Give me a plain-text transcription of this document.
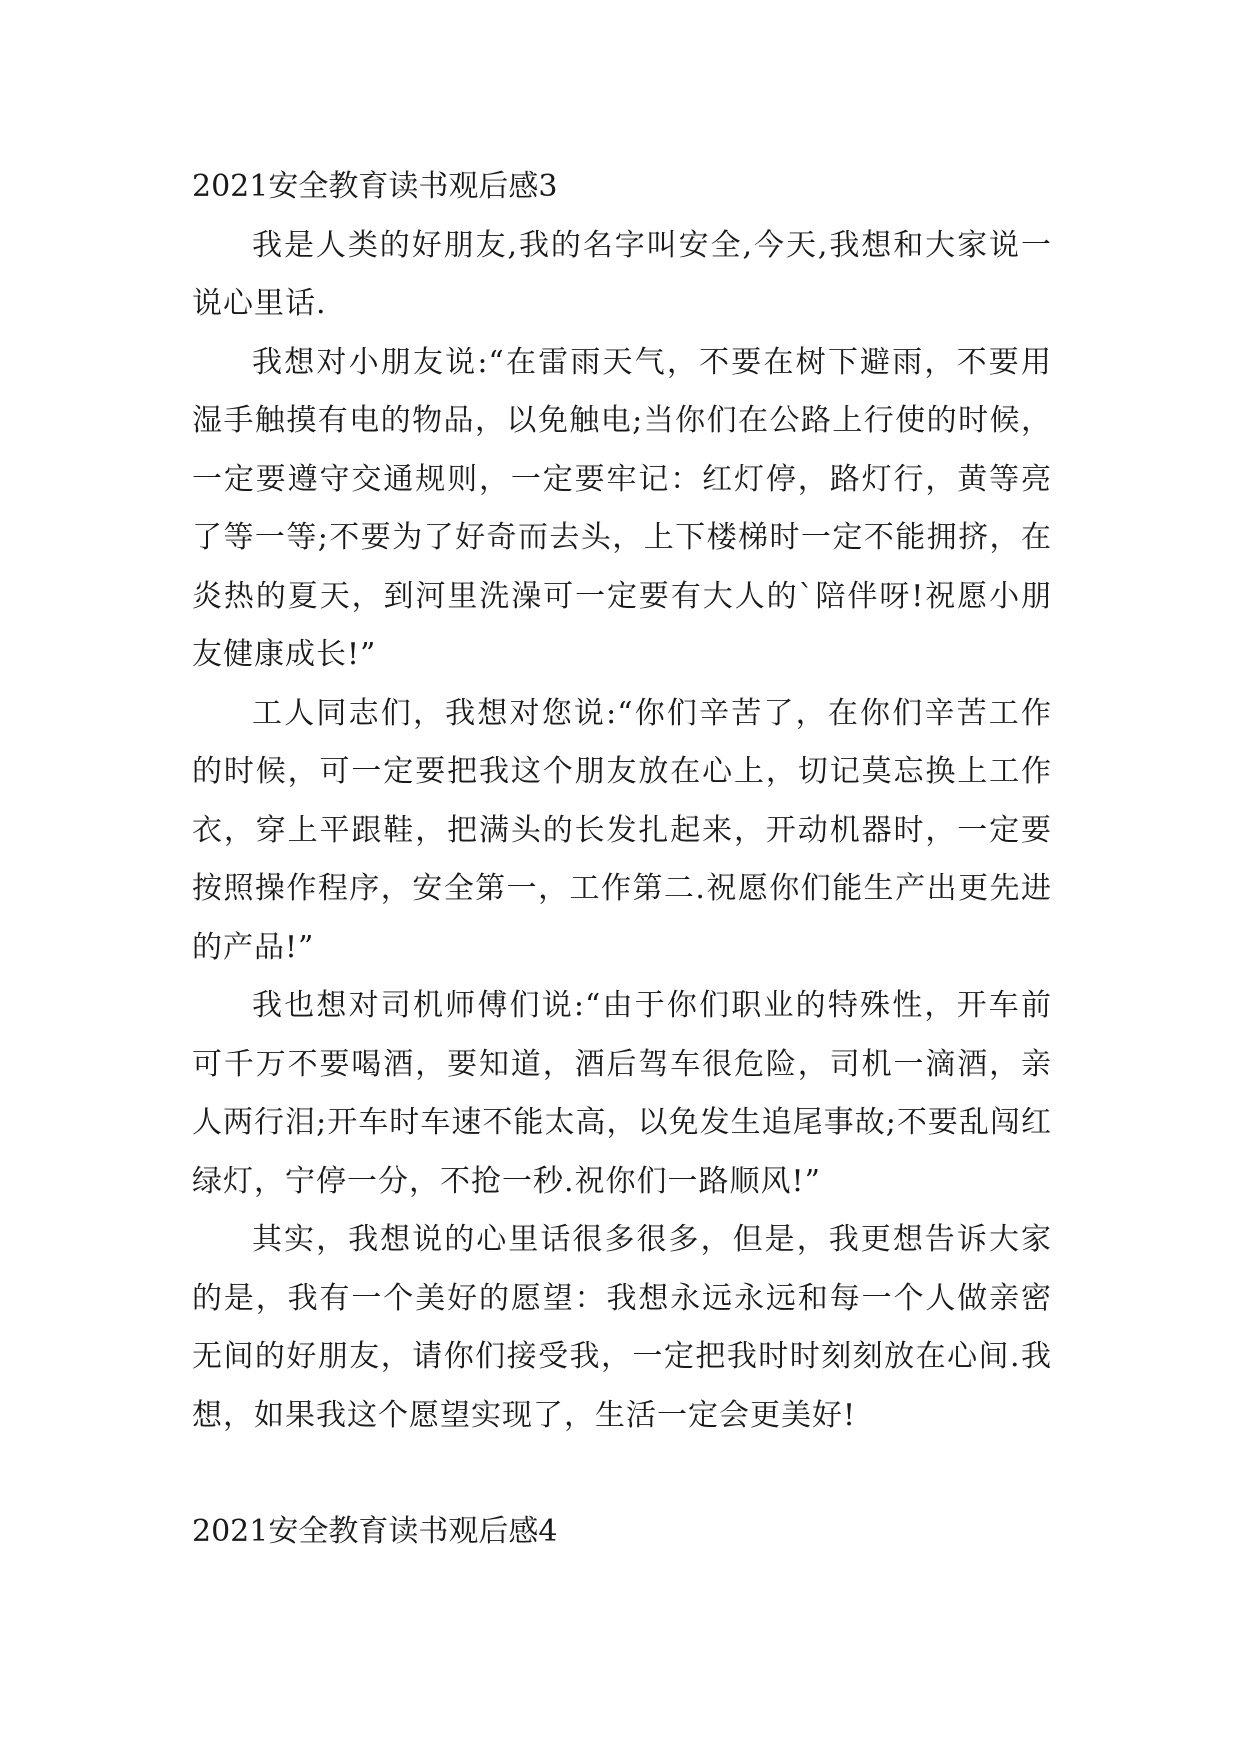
2021安全教育读书观后感3

我是人类的好朋友,我的名字叫安全,今天,我想和大家说一说心里话.

我想对小朋友说:“在雷雨天气，不要在树下避雨，不要用湿手触摸有电的物品，以免触电;当你们在公路上行使的时候，一定要遵守交通规则，一定要牢记：红灯停，路灯行，黄等亮了等一等;不要为了好奇而去头，上下楼梯时一定不能拥挤，在炎热的夏天，到河里洗澡可一定要有大人的`陪伴呀!祝愿小朋友健康成长!”

工人同志们，我想对您说:“你们辛苦了，在你们辛苦工作的时候，可一定要把我这个朋友放在心上，切记莫忘换上工作衣，穿上平跟鞋，把满头的长发扎起来，开动机器时，一定要按照操作程序，安全第一，工作第二.祝愿你们能生产出更先进的产品!”

我也想对司机师傅们说:“由于你们职业的特殊性，开车前可千万不要喝酒，要知道，酒后驾车很危险，司机一滴酒，亲人两行泪;开车时车速不能太高，以免发生追尾事故;不要乱闯红绿灯，宁停一分，不抢一秒.祝你们一路顺风!”

其实，我想说的心里话很多很多，但是，我更想告诉大家的是，我有一个美好的愿望：我想永远永远和每一个人做亲密无间的好朋友，请你们接受我，一定把我时时刻刻放在心间.我想，如果我这个愿望实现了，生活一定会更美好!

2021安全教育读书观后感4
